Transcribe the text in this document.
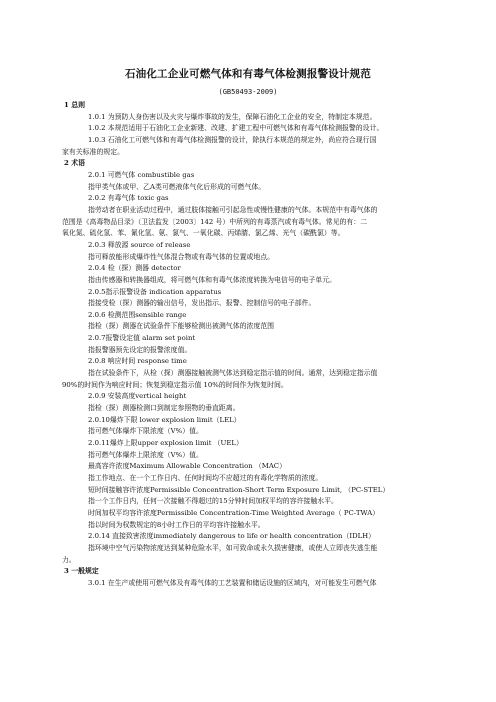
石油化工企业可燃气体和有毒气体检测报警设计规范
(GB50493-2009)
1 总则
1.0.1 为预防人身伤害以及火灾与爆炸事故的发生，保障石油化工企业的安全，特制定本规范。
1.0.2 本规范适用于石油化工企业新建、改建、扩建工程中可燃气体和有毒气体检测报警的设计。
1.0.3 石油化工可燃气体和有毒气体检测报警的设计，除执行本规范的规定外，尚应符合现行国
家有关标准的规定。
2 术语
2.0.1 可燃气体 combustible gas
指甲类气体或甲、乙A类可燃液体气化后形成的可燃气体。
2.0.2 有毒气体 toxic gas
指劳动者在职业活动过程中，通过肢体接触可引起急性或慢性健康的气体。本规范中有毒气体的
范围是《高毒物品目录》（卫法监发〔2003〕142 号）中所列的有毒蒸汽或有毒气体。常见的有：二
氧化氮、硫化氢、苯、氰化氢、氨、氯气、一氧化碳、丙烯腈、氯乙烯、光气（碳酰氯）等。
2.0.3 释放源 source of release
指可释放能形成爆炸性气体混合物或有毒气体的位置或地点。
2.0.4 检（探）测器 detector
指由传感器和转换器组成，将可燃气体和有毒气体浓度转换为电信号的电子单元。
2.0.5指示报警设备 indication apparatus
指接受检（探）测器的输出信号，发出指示、报警、控制信号的电子部件。
2.0.6 检测范围sensible range
指检（探）测器在试验条件下能够检测出被测气体的浓度范围
2.0.7报警设定值 alarm set point
指报警器预先设定的报警浓度值。
2.0.8 响应时间 response time
指在试验条件下，从检（探）测器接触被测气体达到稳定指示值的时间。通常，达到稳定指示值
90%的时间作为响应时间；恢复到稳定指示值 10%的时间作为恢复时间。
2.0.9 安装高度vertical height
指检（探）测器检测口到制定参照物的垂直距离。
2.0.10爆炸下限 lower explosion limit（LEL）
指可燃气体爆炸下限浓度（V%）值。
2.0.11爆炸上限upper explosion limit （UEL）
指可燃气体爆炸上限浓度（V%）值。
最高容许浓度Maximum Allowable Concentration （MAC）
指工作地点、在一个工作日内、任何时间均不应超过的有毒化学物质的浓度。
短时间接触容许浓度Permissible Concentration-Short Term Exposure Limit, （PC-STEL）
指一个工作日内，任何一次接触不得超过的15分钟时间加权平均的容许接触水平。
时间加权平均容许浓度Permissible Concentration-Time Weighted Average（ PC-TWA）
指以时间为权数规定的8小时工作日的平均容许接触水平。
2.0.14 直接致害浓度immediately dangerous to life or health concentration（IDLH）
指环境中空气污染物浓度达到某种危险水平，如可致命或永久损害健康，或使人立即丧失逃生能
力。
3 一般规定
3.0.1 在生产或使用可燃气体及有毒气体的工艺装置和储运设施的区域内，对可能发生可燃气体
